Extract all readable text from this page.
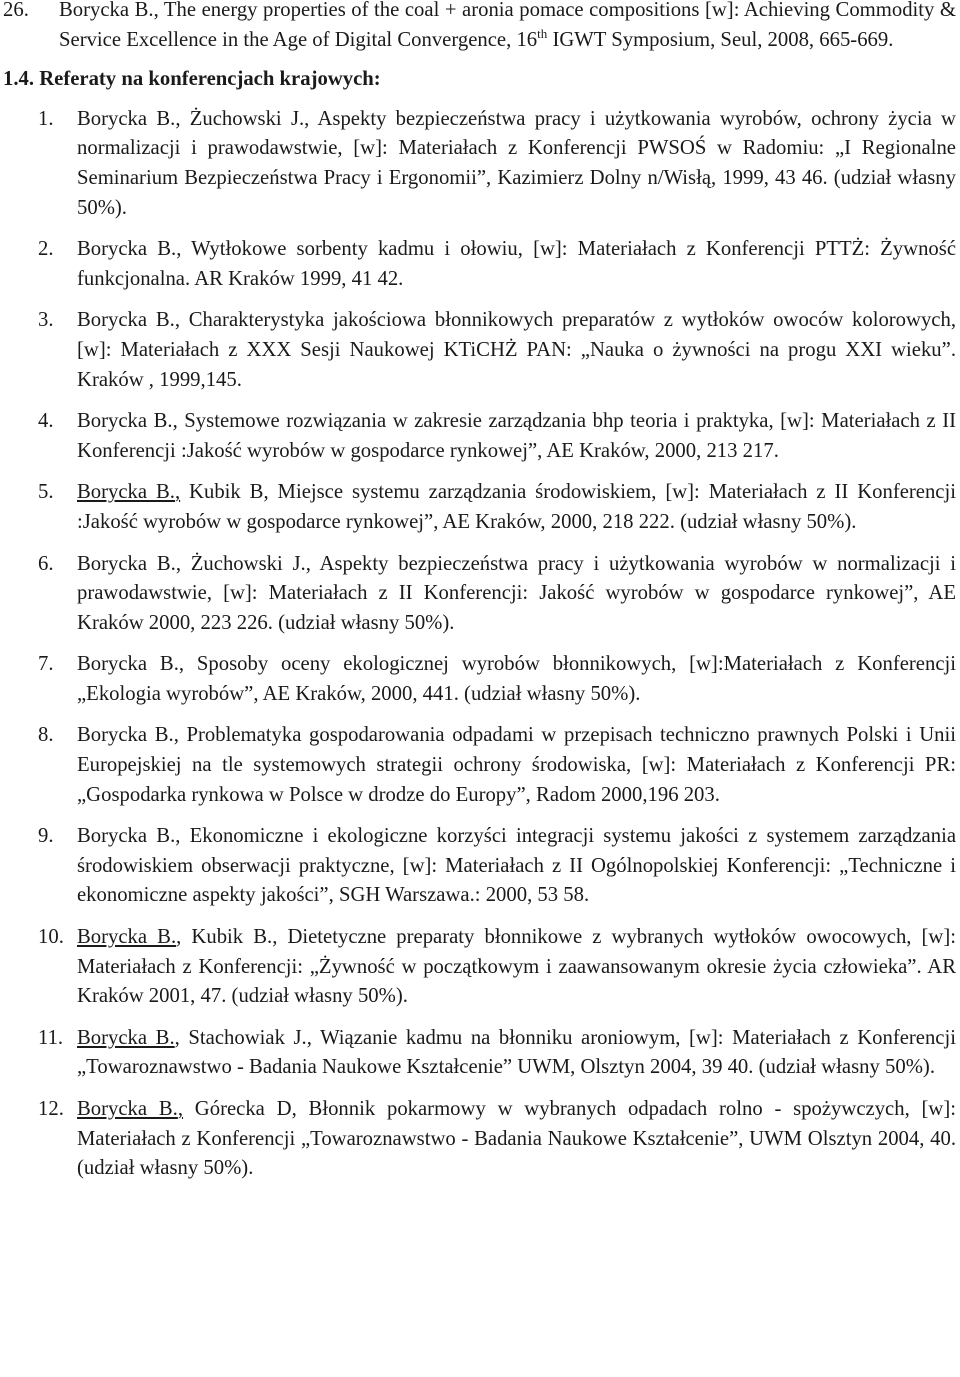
26. Borycka B., The energy properties of the coal + aronia pomace compositions [w]: Achieving Commodity & Service Excellence in the Age of Digital Convergence, 16th IGWT Symposium, Seul, 2008, 665-669.
1.4. Referaty na konferencjach krajowych:
1. Borycka B., Żuchowski J., Aspekty bezpieczeństwa pracy i użytkowania wyrobów, ochrony życia w normalizacji i prawodawstwie, [w]: Materiałach z Konferencji PWSOŚ w Radomiu: „I Regionalne Seminarium Bezpieczeństwa Pracy i Ergonomii”, Kazimierz Dolny n/Wisłą, 1999, 43 46. (udział własny 50%).
2. Borycka B., Wytłokowe sorbenty kadmu i ołowiu, [w]: Materiałach z Konferencji PTTŻ: Żywność funkcjonalna. AR Kraków 1999, 41 42.
3. Borycka B., Charakterystyka jakościowa błonnikowych preparatów z wytłoków owoców kolorowych, [w]: Materiałach z XXX Sesji Naukowej KTiCHŻ PAN: „Nauka o żywności na progu XXI wieku”. Kraków , 1999,145.
4. Borycka B., Systemowe rozwiązania w zakresie zarządzania bhp teoria i praktyka, [w]: Materiałach z II Konferencji :Jakość wyrobów w gospodarce rynkowej”, AE Kraków, 2000, 213 217.
5. Borycka B., Kubik B, Miejsce systemu zarządzania środowiskiem, [w]: Materiałach z II Konferencji :Jakość wyrobów w gospodarce rynkowej”, AE Kraków, 2000, 218 222. (udział własny 50%).
6. Borycka B., Żuchowski J., Aspekty bezpieczeństwa pracy i użytkowania wyrobów w normalizacji i prawodawstwie, [w]: Materiałach z II Konferencji: Jakość wyrobów w gospodarce rynkowej”, AE Kraków 2000, 223 226. (udział własny 50%).
7. Borycka B., Sposoby oceny ekologicznej wyrobów błonnikowych, [w]:Materiałach z Konferencji „Ekologia wyrobów”, AE Kraków, 2000, 441. (udział własny 50%).
8. Borycka B., Problematyka gospodarowania odpadami w przepisach techniczno prawnych Polski i Unii Europejskiej na tle systemowych strategii ochrony środowiska, [w]: Materiałach z Konferencji PR: „Gospodarka rynkowa w Polsce w drodze do Europy”, Radom 2000,196 203.
9. Borycka B., Ekonomiczne i ekologiczne korzyści integracji systemu jakości z systemem zarządzania środowiskiem obserwacji praktyczne, [w]: Materiałach z II Ogólnopolskiej Konferencji: „Techniczne i ekonomiczne aspekty jakości”, SGH Warszawa.: 2000, 53 58.
10. Borycka B., Kubik B., Dietetyczne preparaty błonnikowe z wybranych wytłoków owocowych, [w]: Materiałach z Konferencji: „Żywność w początkowym i zaawansowanym okresie życia człowieka”. AR Kraków 2001, 47. (udział własny 50%).
11. Borycka B., Stachowiak J., Wiązanie kadmu na błonniku aroniowym, [w]: Materiałach z Konferencji „Towaroznawstwo - Badania Naukowe Kształcenie” UWM, Olsztyn 2004, 39 40. (udział własny 50%).
12. Borycka B., Górecka D, Błonnik pokarmowy w wybranych odpadach rolno - spożywczych, [w]: Materiałach z Konferencji „Towaroznawstwo - Badania Naukowe Kształcenie”, UWM Olsztyn 2004, 40. (udział własny 50%).
